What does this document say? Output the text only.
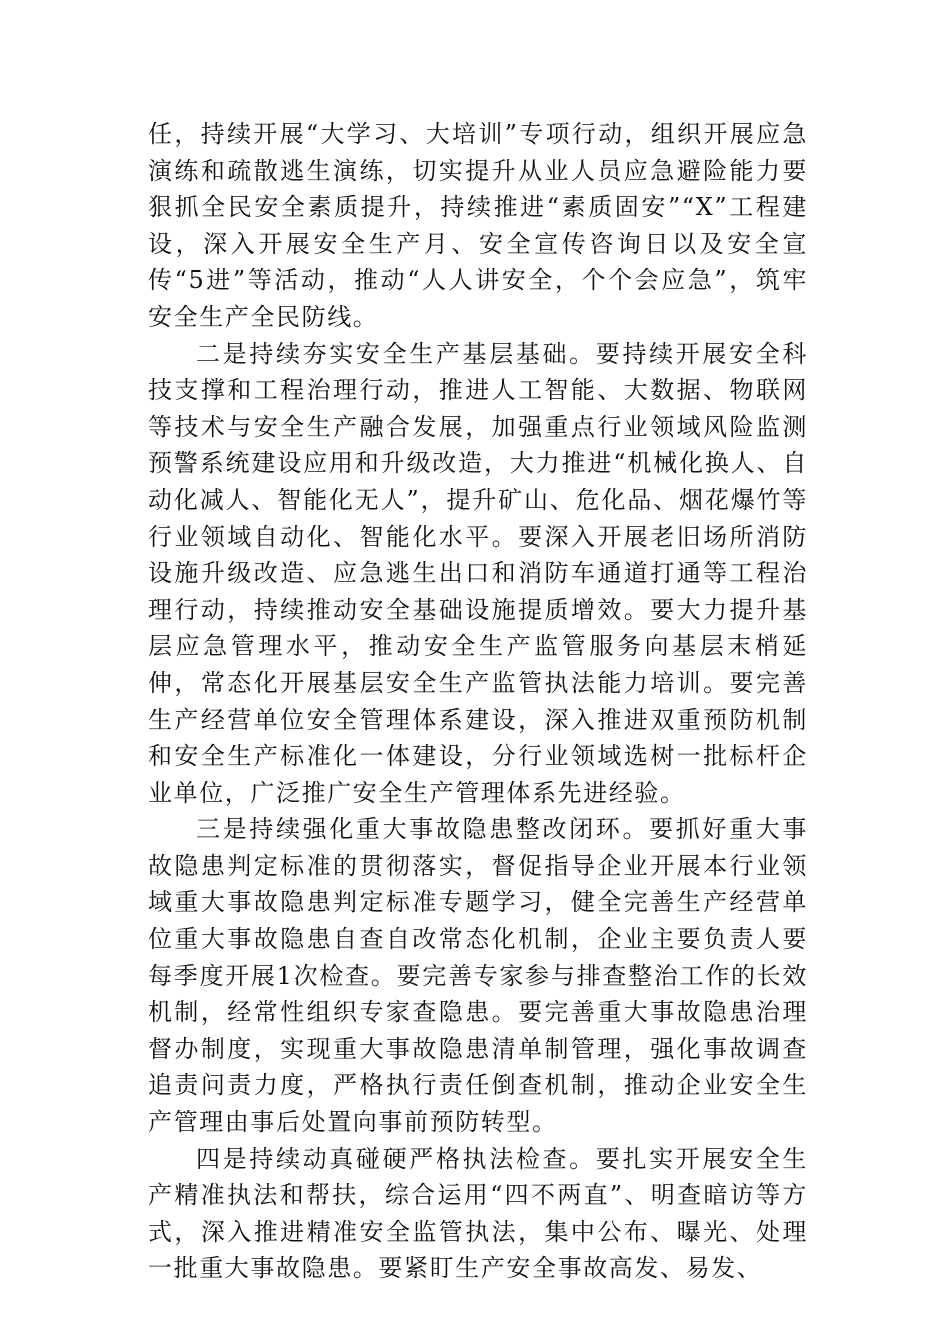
任，持续开展“大学习、大培训”专项行动，组织开展应急演练和疏散逃生演练，切实提升从业人员应急避险能力要狠抓全民安全素质提升，持续推进“素质固安”“X”工程建设，深入开展安全生产月、安全宣传咨询日以及安全宣传“5进”等活动，推动“人人讲安全，个个会应急”，筑牢安全生产全民防线。

二是持续夯实安全生产基层基础。要持续开展安全科技支撑和工程治理行动，推进人工智能、大数据、物联网等技术与安全生产融合发展，加强重点行业领域风险监测预警系统建设应用和升级改造，大力推进“机械化换人、自动化减人、智能化无人”，提升矿山、危化品、烟花爆竹等行业领域自动化、智能化水平。要深入开展老旧场所消防设施升级改造、应急逃生出口和消防车通道打通等工程治理行动，持续推动安全基础设施提质增效。要大力提升基层应急管理水平，推动安全生产监管服务向基层末梢延伸，常态化开展基层安全生产监管执法能力培训。要完善生产经营单位安全管理体系建设，深入推进双重预防机制和安全生产标准化一体建设，分行业领域选树一批标杆企业单位，广泛推广安全生产管理体系先进经验。

三是持续强化重大事故隐患整改闭环。要抓好重大事故隐患判定标准的贯彻落实，督促指导企业开展本行业领域重大事故隐患判定标准专题学习，健全完善生产经营单位重大事故隐患自查自改常态化机制，企业主要负责人要每季度开展1次检查。要完善专家参与排查整治工作的长效机制，经常性组织专家查隐患。要完善重大事故隐患治理督办制度，实现重大事故隐患清单制管理，强化事故调查追责问责力度，严格执行责任倒查机制，推动企业安全生产管理由事后处置向事前预防转型。

四是持续动真碰硬严格执法检查。要扎实开展安全生产精准执法和帮扶，综合运用“四不两直”、明查暗访等方式，深入推进精准安全监管执法，集中公布、曝光、处理一批重大事故隐患。要紧盯生产安全事故高发、易发、
